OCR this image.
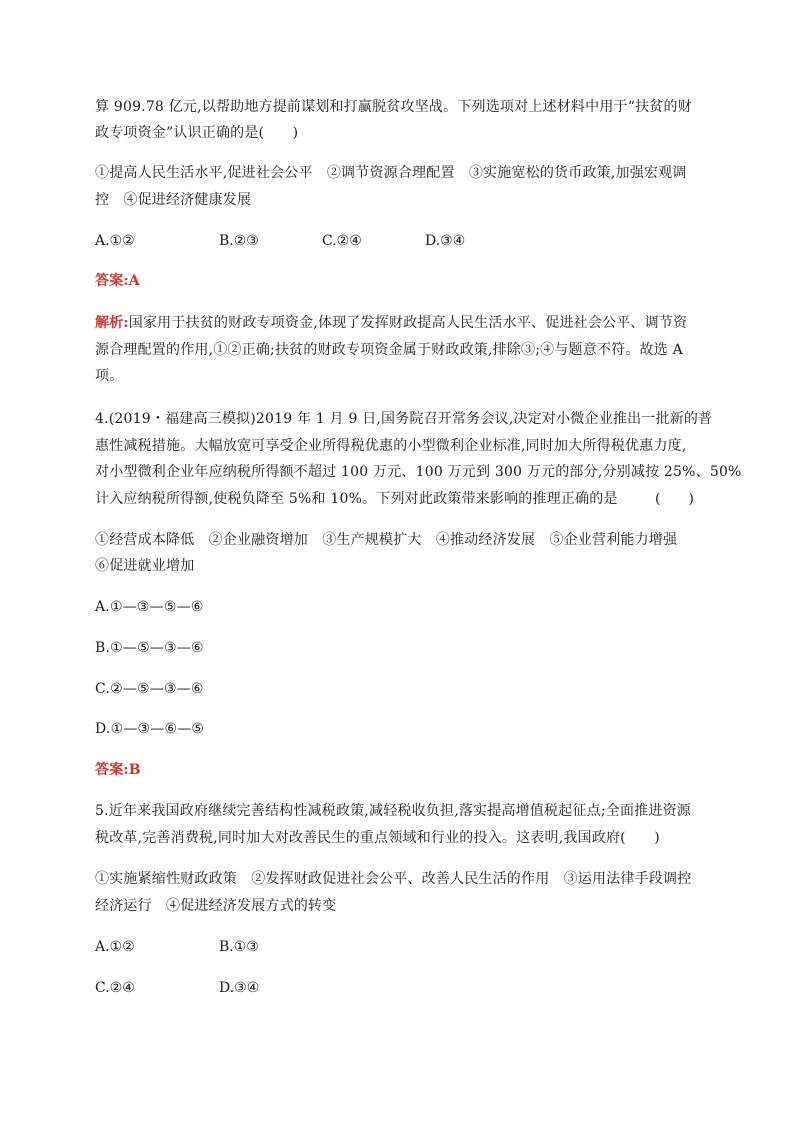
算 909.78 亿元,以帮助地方提前谋划和打赢脱贫攻坚战。下列选项对上述材料中用于“扶贫的财
政专项资金”认识正确的是(　　)
①提高人民生活水平,促进社会公平　②调节资源合理配置　③实施宽松的货币政策,加强宏观调
控　④促进经济健康发展
A.①②	B.②③	C.②④	D.③④
答案:A
解析:国家用于扶贫的财政专项资金,体现了发挥财政提高人民生活水平、促进社会公平、调节资
源合理配置的作用,①②正确;扶贫的财政专项资金属于财政政策,排除③;④与题意不符。故选 A
项。
4.(2019・福建高三模拟)2019 年 1 月 9 日,国务院召开常务会议,决定对小微企业推出一批新的普
惠性减税措施。大幅放宽可享受企业所得税优惠的小型微利企业标准,同时加大所得税优惠力度,
对小型微利企业年应纳税所得额不超过 100 万元、100 万元到 300 万元的部分,分别减按 25%、50%
计入应纳税所得额,使税负降至 5%和 10%。下列对此政策带来影响的推理正确的是	(　　)
①经营成本降低　②企业融资增加　③生产规模扩大　④推动经济发展　⑤企业营利能力增强
⑥促进就业增加
A.①—③—⑤—⑥
B.①—⑤—③—⑥
C.②—⑤—③—⑥
D.①—③—⑥—⑤
答案:B
5.近年来我国政府继续完善结构性减税政策,减轻税收负担,落实提高增值税起征点;全面推进资源
税改革,完善消费税,同时加大对改善民生的重点领域和行业的投入。这表明,我国政府(　　)
①实施紧缩性财政政策　②发挥财政促进社会公平、改善人民生活的作用　③运用法律手段调控
经济运行　④促进经济发展方式的转变
A.①②	B.①③
C.②④	D.③④
